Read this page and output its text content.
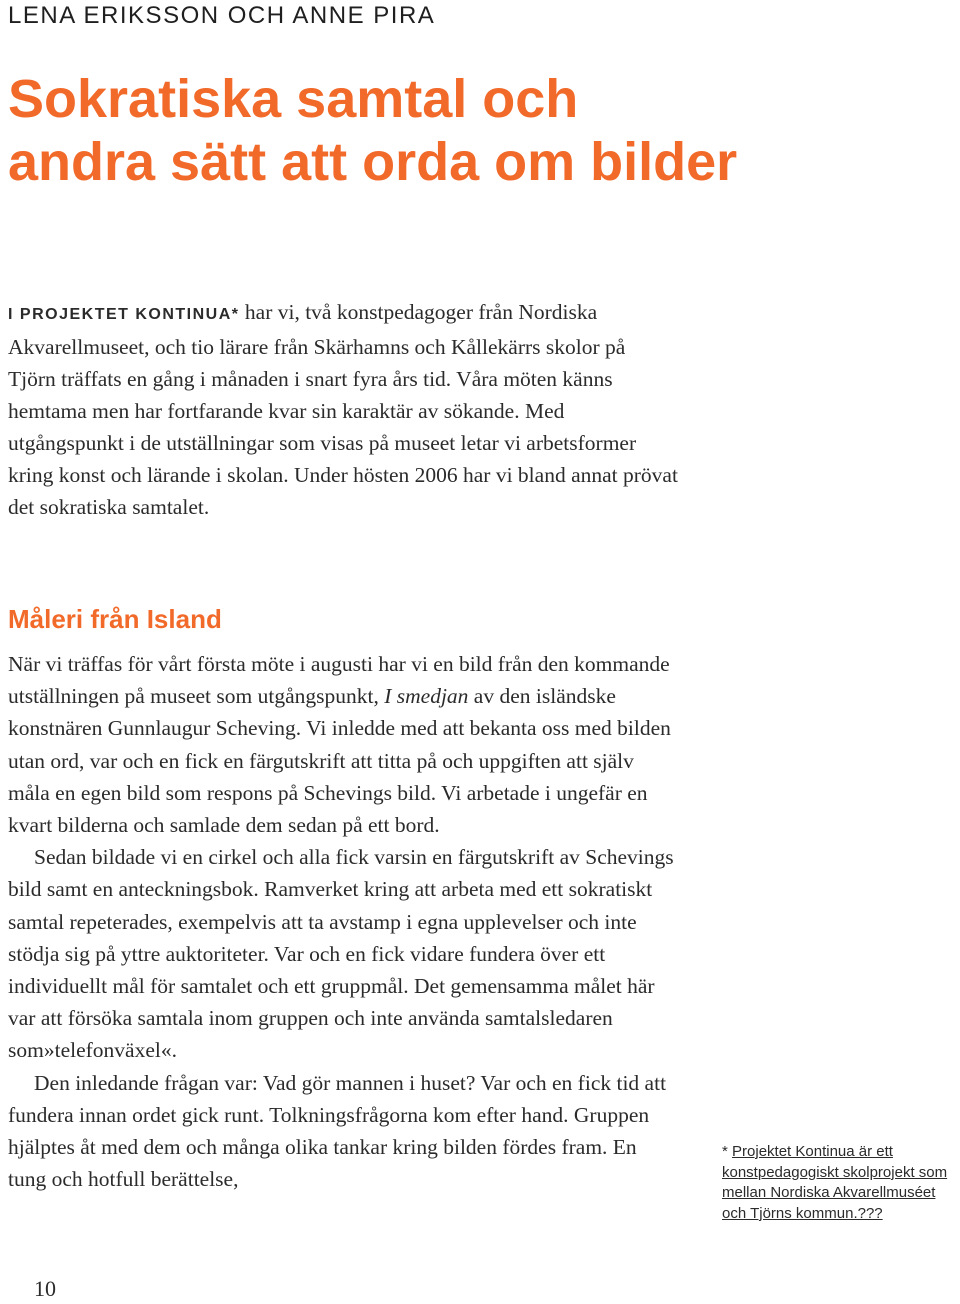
LENA ERIKSSON OCH ANNE PIRA
Sokratiska samtal och
andra sätt att orda om bilder

I PROJEKTET KONTINUA* har vi, två konstpedagoger från Nordiska Akvarellmuseet, och tio lärare från Skärhamns och Kållekärrs skolor på Tjörn träffats en gång i månaden i snart fyra års tid. Våra möten känns hemtama men har fortfarande kvar sin karaktär av sökande. Med utgångspunkt i de utställningar som visas på museet letar vi arbetsformer kring konst och lärande i skolan. Under hösten 2006 har vi bland annat prövat det sokratiska samtalet.

Måleri från Island

När vi träffas för vårt första möte i augusti har vi en bild från den kommande utställningen på museet som utgångspunkt, I smedjan av den isländske konstnären Gunnlaugur Scheving. Vi inledde med att bekanta oss med bilden utan ord, var och en fick en färgutskrift att titta på och uppgiften att själv måla en egen bild som respons på Schevings bild. Vi arbetade i ungefär en kvart bilderna och samlade dem sedan på ett bord.

Sedan bildade vi en cirkel och alla fick varsin en färgutskrift av Schevings bild samt en anteckningsbok. Ramverket kring att arbeta med ett sokratiskt samtal repeterades, exempelvis att ta avstamp i egna upplevelser och inte stödja sig på yttre auktoriteter. Var och en fick vidare fundera över ett individuellt mål för samtalet och ett gruppmål. Det gemensamma målet här var att försöka samtala inom gruppen och inte använda samtalsledaren som»telefonväxel«.

Den inledande frågan var: Vad gör mannen i huset? Var och en fick tid att fundera innan ordet gick runt. Tolkningsfrågorna kom efter hand. Gruppen hjälptes åt med dem och många olika tankar kring bilden fördes fram. En tung och hotfull berättelse,

* Projektet Kontinua är ett konstpedagogiskt skolprojekt som mellan Nordiska Akvarellmuséet och Tjörns kommun.???

10
